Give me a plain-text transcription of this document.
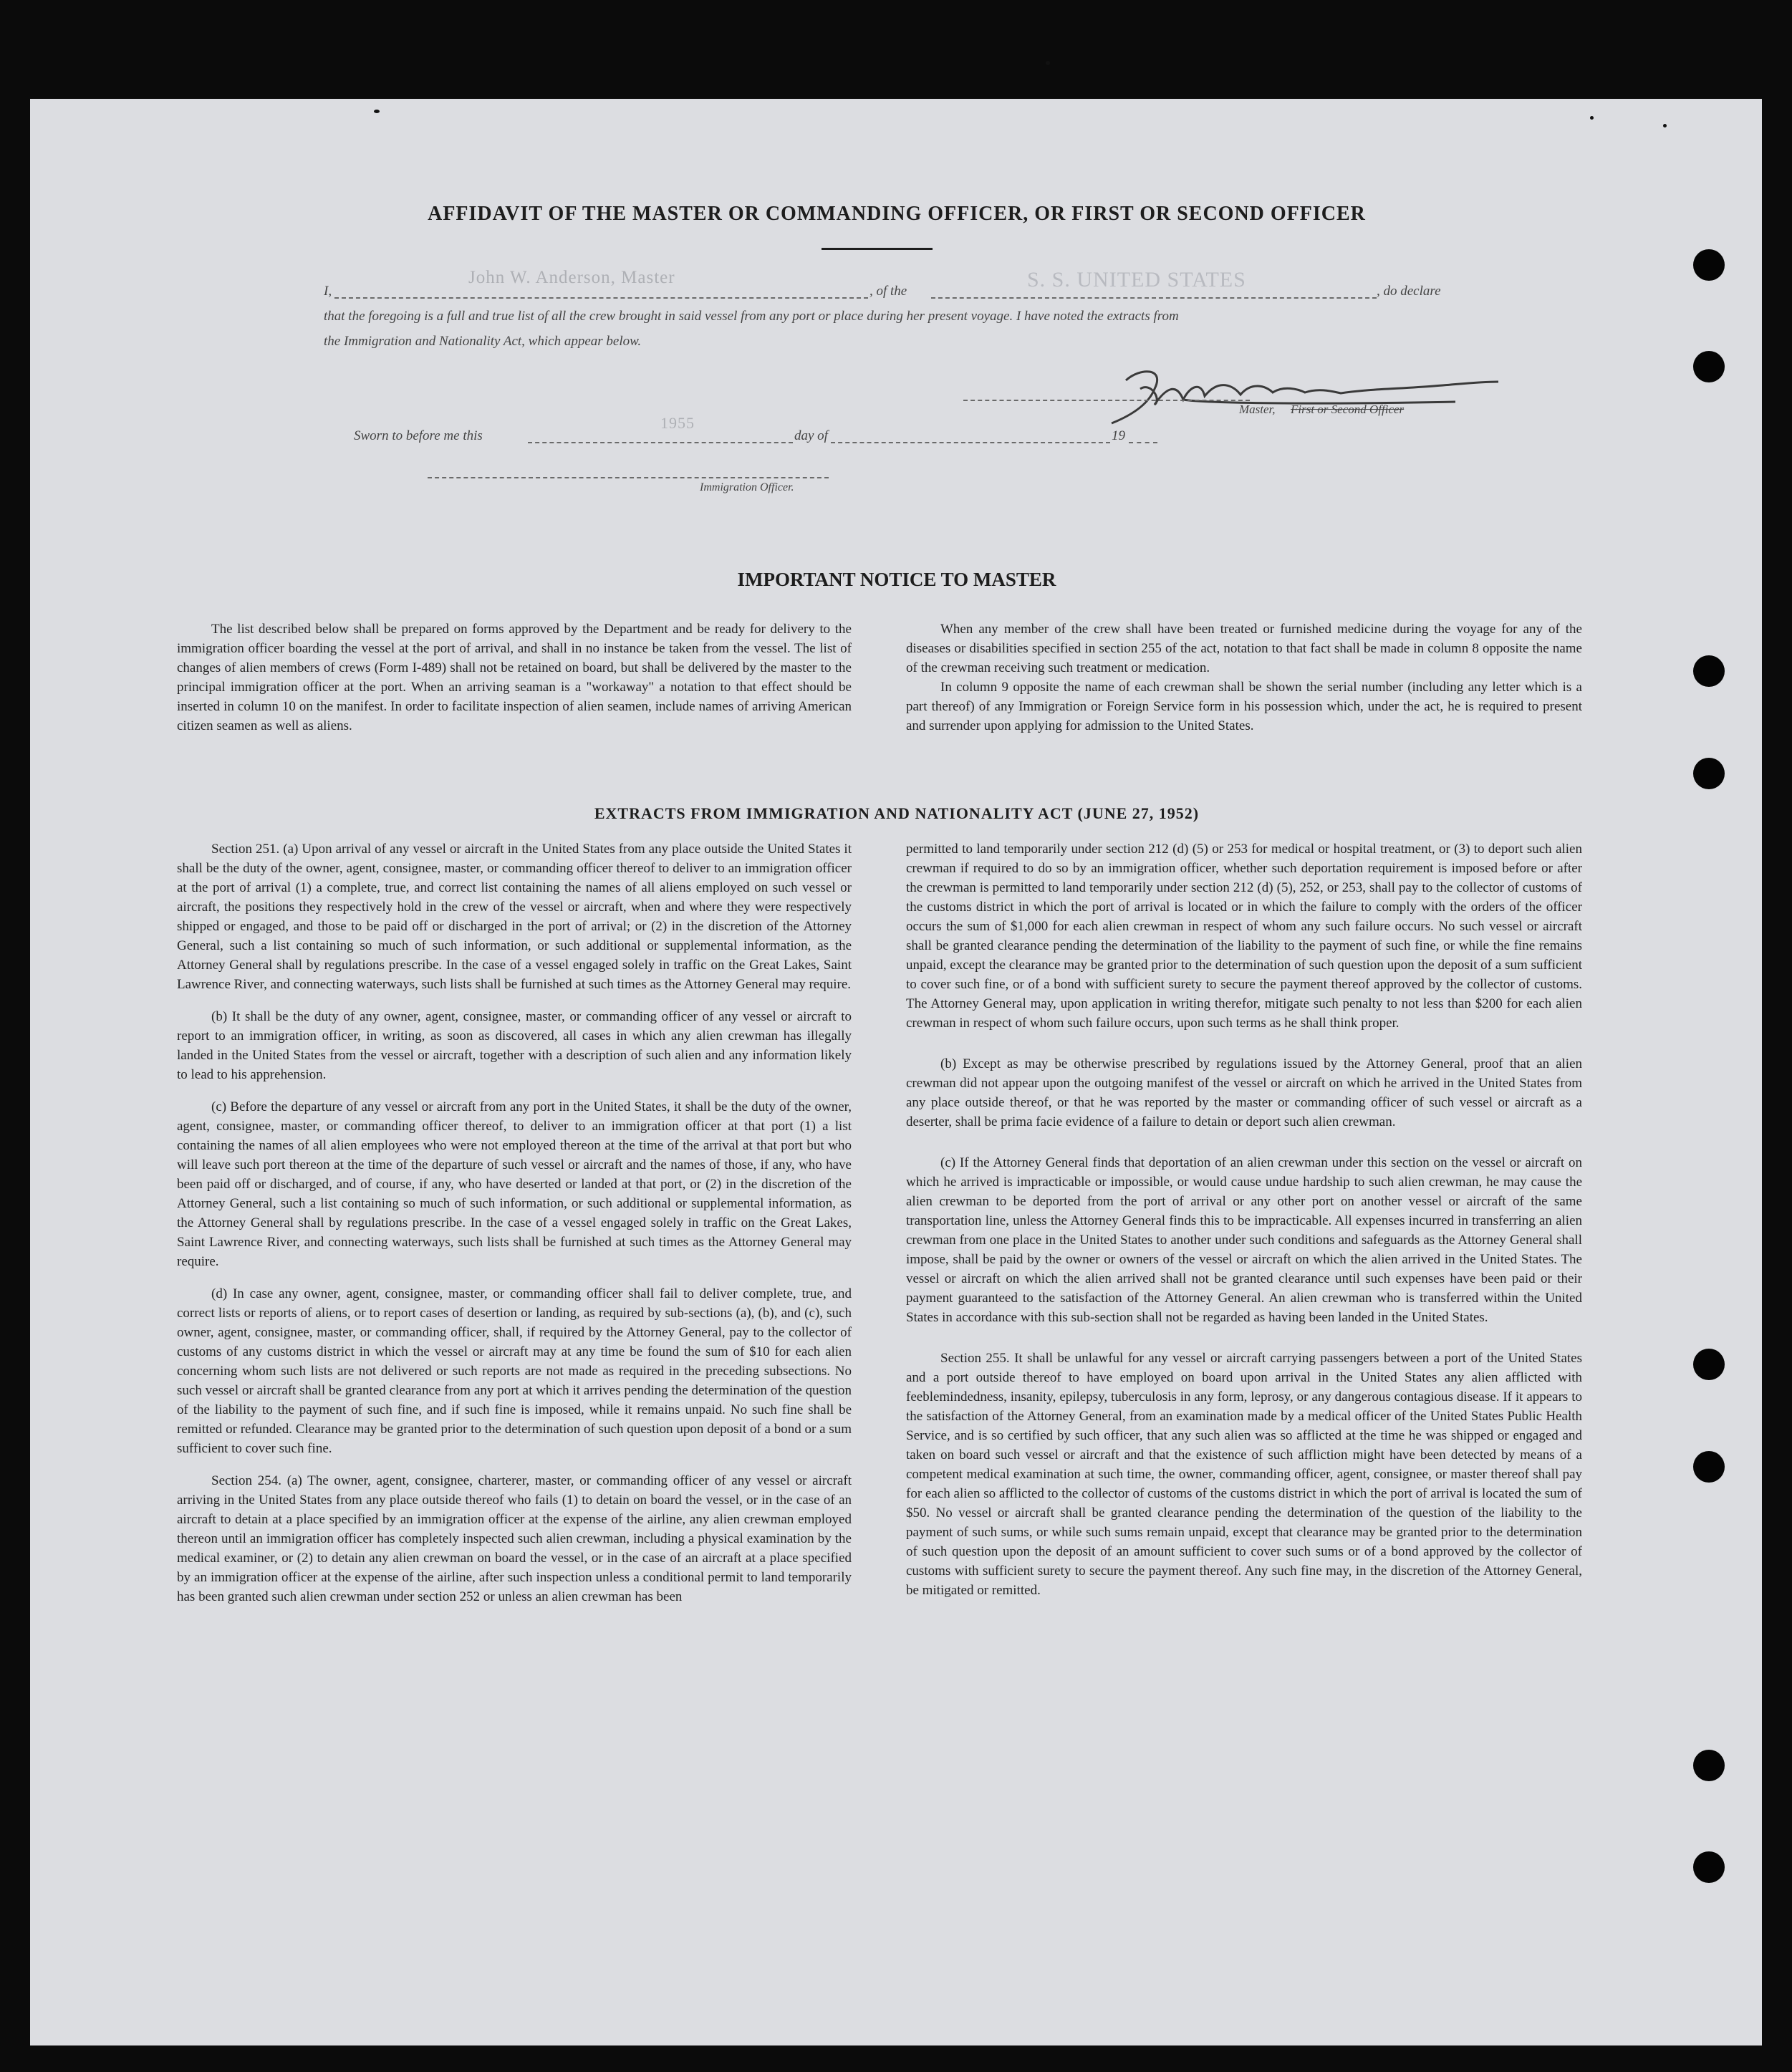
AFFIDAVIT OF THE MASTER OR COMMANDING OFFICER, OR FIRST OR SECOND OFFICER
I,
John W. Anderson, Master
, of the	S. S. UNITED STATES	, do declare
that the foregoing is a full and true list of all the crew brought in said vessel from any port or place during her present voyage. I have noted the extracts from
the Immigration and Nationality Act, which appear below.
Master, First or Second Officer
Sworn to before me this
1955
day of	19
Immigration Officer.
IMPORTANT NOTICE TO MASTER

The list described below shall be prepared on forms approved by the Department and be ready for delivery to the immigration officer boarding the vessel at the port of arrival, and shall in no instance be taken from the vessel. The list of changes of alien members of crews (Form I-489) shall not be retained on board, but shall be delivered by the master to the principal immigration officer at the port. When an arriving seaman is a "workaway" a notation to that effect should be inserted in column 10 on the manifest. In order to facilitate inspection of alien seamen, include names of arriving American citizen seamen as well as aliens.

When any member of the crew shall have been treated or furnished medicine during the voyage for any of the diseases or disabilities specified in section 255 of the act, notation to that fact shall be made in column 8 opposite the name of the crewman receiving such treatment or medication.

In column 9 opposite the name of each crewman shall be shown the serial number (including any letter which is a part thereof) of any Immigration or Foreign Service form in his possession which, under the act, he is required to present and surrender upon applying for admission to the United States.

EXTRACTS FROM IMMIGRATION AND NATIONALITY ACT (JUNE 27, 1952)

Section 251. (a) Upon arrival of any vessel or aircraft in the United States from any place outside the United States it shall be the duty of the owner, agent, consignee, master, or commanding officer thereof to deliver to an immigration officer at the port of arrival (1) a complete, true, and correct list containing the names of all aliens employed on such vessel or aircraft, the positions they respectively hold in the crew of the vessel or aircraft, when and where they were respectively shipped or engaged, and those to be paid off or discharged in the port of arrival; or (2) in the discretion of the Attorney General, such a list containing so much of such information, or such additional or supplemental information, as the Attorney General shall by regulations prescribe. In the case of a vessel engaged solely in traffic on the Great Lakes, Saint Lawrence River, and connecting waterways, such lists shall be furnished at such times as the Attorney General may require.

(b) It shall be the duty of any owner, agent, consignee, master, or commanding officer of any vessel or aircraft to report to an immigration officer, in writing, as soon as discovered, all cases in which any alien crewman has illegally landed in the United States from the vessel or aircraft, together with a description of such alien and any information likely to lead to his apprehension.

(c) Before the departure of any vessel or aircraft from any port in the United States, it shall be the duty of the owner, agent, consignee, master, or commanding officer thereof, to deliver to an immigration officer at that port (1) a list containing the names of all alien employees who were not employed thereon at the time of the arrival at that port but who will leave such port thereon at the time of the departure of such vessel or aircraft and the names of those, if any, who have been paid off or discharged, and of course, if any, who have deserted or landed at that port, or (2) in the discretion of the Attorney General, such a list containing so much of such information, or such additional or supplemental information, as the Attorney General shall by regulations prescribe. In the case of a vessel engaged solely in traffic on the Great Lakes, Saint Lawrence River, and connecting waterways, such lists shall be furnished at such times as the Attorney General may require.

(d) In case any owner, agent, consignee, master, or commanding officer shall fail to deliver complete, true, and correct lists or reports of aliens, or to report cases of desertion or landing, as required by sub-sections (a), (b), and (c), such owner, agent, consignee, master, or commanding officer, shall, if required by the Attorney General, pay to the collector of customs of any customs district in which the vessel or aircraft may at any time be found the sum of $10 for each alien concerning whom such lists are not delivered or such reports are not made as required in the preceding subsections. No such vessel or aircraft shall be granted clearance from any port at which it arrives pending the determination of the question of the liability to the payment of such fine, and if such fine is imposed, while it remains unpaid. No such fine shall be remitted or refunded. Clearance may be granted prior to the determination of such question upon deposit of a bond or a sum sufficient to cover such fine.

Section 254. (a) The owner, agent, consignee, charterer, master, or commanding officer of any vessel or aircraft arriving in the United States from any place outside thereof who fails (1) to detain on board the vessel, or in the case of an aircraft to detain at a place specified by an immigration officer at the expense of the airline, any alien crewman employed thereon until an immigration officer has completely inspected such alien crewman, including a physical examination by the medical examiner, or (2) to detain any alien crewman on board the vessel, or in the case of an aircraft at a place specified by an immigration officer at the expense of the airline, after such inspection unless a conditional permit to land temporarily has been granted such alien crewman under section 252 or unless an alien crewman has been

permitted to land temporarily under section 212 (d) (5) or 253 for medical or hospital treatment, or (3) to deport such alien crewman if required to do so by an immigration officer, whether such deportation requirement is imposed before or after the crewman is permitted to land temporarily under section 212 (d) (5), 252, or 253, shall pay to the collector of customs of the customs district in which the port of arrival is located or in which the failure to comply with the orders of the officer occurs the sum of $1,000 for each alien crewman in respect of whom any such failure occurs. No such vessel or aircraft shall be granted clearance pending the determination of the liability to the payment of such fine, or while the fine remains unpaid, except the clearance may be granted prior to the determination of such question upon the deposit of a sum sufficient to cover such fine, or of a bond with sufficient surety to secure the payment thereof approved by the collector of customs. The Attorney General may, upon application in writing therefor, mitigate such penalty to not less than $200 for each alien crewman in respect of whom such failure occurs, upon such terms as he shall think proper.

(b) Except as may be otherwise prescribed by regulations issued by the Attorney General, proof that an alien crewman did not appear upon the outgoing manifest of the vessel or aircraft on which he arrived in the United States from any place outside thereof, or that he was reported by the master or commanding officer of such vessel or aircraft as a deserter, shall be prima facie evidence of a failure to detain or deport such alien crewman.

(c) If the Attorney General finds that deportation of an alien crewman under this section on the vessel or aircraft on which he arrived is impracticable or impossible, or would cause undue hardship to such alien crewman, he may cause the alien crewman to be deported from the port of arrival or any other port on another vessel or aircraft of the same transportation line, unless the Attorney General finds this to be impracticable. All expenses incurred in transferring an alien crewman from one place in the United States to another under such conditions and safeguards as the Attorney General shall impose, shall be paid by the owner or owners of the vessel or aircraft on which the alien arrived in the United States. The vessel or aircraft on which the alien arrived shall not be granted clearance until such expenses have been paid or their payment guaranteed to the satisfaction of the Attorney General. An alien crewman who is transferred within the United States in accordance with this sub-section shall not be regarded as having been landed in the United States.

Section 255. It shall be unlawful for any vessel or aircraft carrying passengers between a port of the United States and a port outside thereof to have employed on board upon arrival in the United States any alien afflicted with feeblemindedness, insanity, epilepsy, tuberculosis in any form, leprosy, or any dangerous contagious disease. If it appears to the satisfaction of the Attorney General, from an examination made by a medical officer of the United States Public Health Service, and is so certified by such officer, that any such alien was so afflicted at the time he was shipped or engaged and taken on board such vessel or aircraft and that the existence of such affliction might have been detected by means of a competent medical examination at such time, the owner, commanding officer, agent, consignee, or master thereof shall pay for each alien so afflicted to the collector of customs of the customs district in which the port of arrival is located the sum of $50. No vessel or aircraft shall be granted clearance pending the determination of the question of the liability to the payment of such sums, or while such sums remain unpaid, except that clearance may be granted prior to the determination of such question upon the deposit of an amount sufficient to cover such sums or of a bond approved by the collector of customs with sufficient surety to secure the payment thereof. Any such fine may, in the discretion of the Attorney General, be mitigated or remitted.
